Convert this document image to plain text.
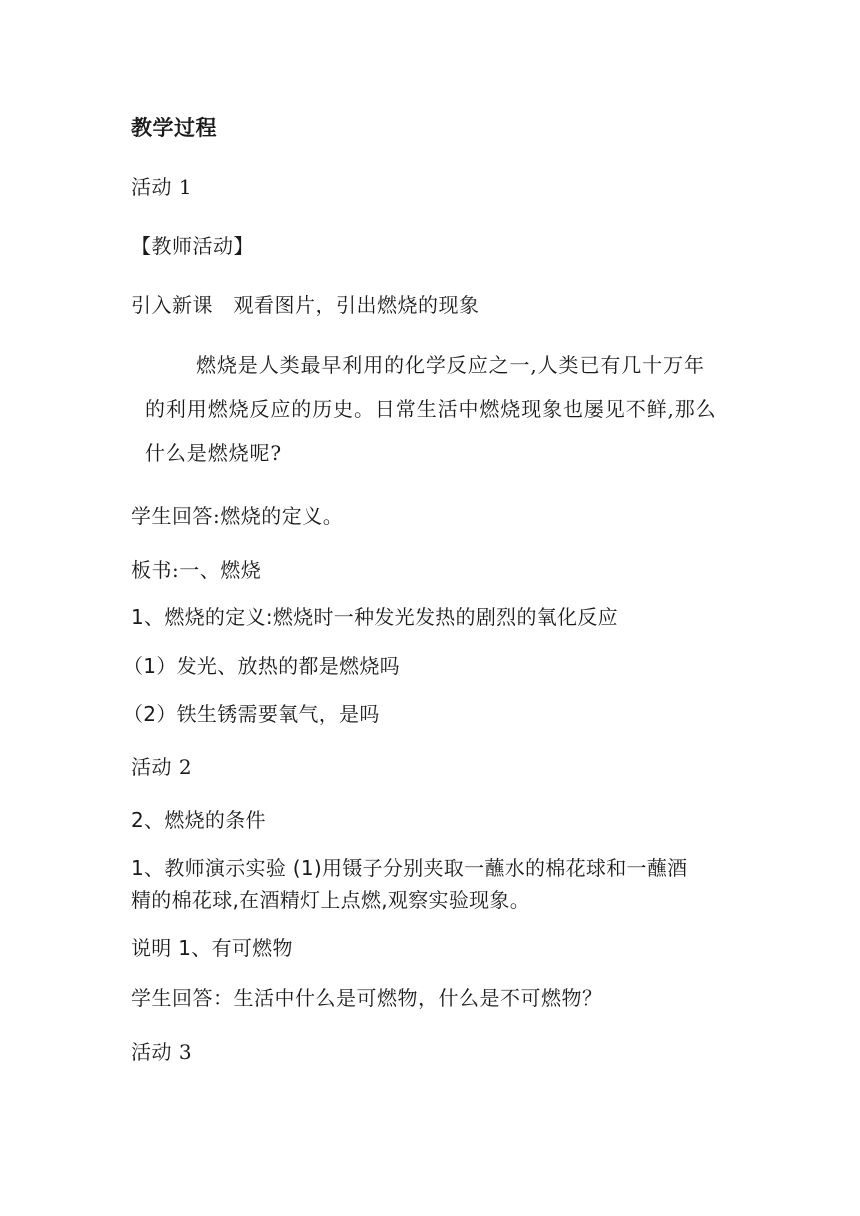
教学过程
活动 1
【教师活动】
引入新课　观看图片，引出燃烧的现象
燃烧是人类最早利用的化学反应之一,人类已有几十万年
的利用燃烧反应的历史。日常生活中燃烧现象也屡见不鲜,那么
什么是燃烧呢?
学生回答:燃烧的定义。
板书:一、燃烧
1、燃烧的定义:燃烧时一种发光发热的剧烈的氧化反应
（1）发光、放热的都是燃烧吗
（2）铁生锈需要氧气，是吗
活动 2
2、燃烧的条件
1、教师演示实验 (1)用镊子分别夹取一蘸水的棉花球和一蘸酒
精的棉花球,在酒精灯上点燃,观察实验现象。
说明 1、有可燃物
学生回答：生活中什么是可燃物，什么是不可燃物？
活动 3
